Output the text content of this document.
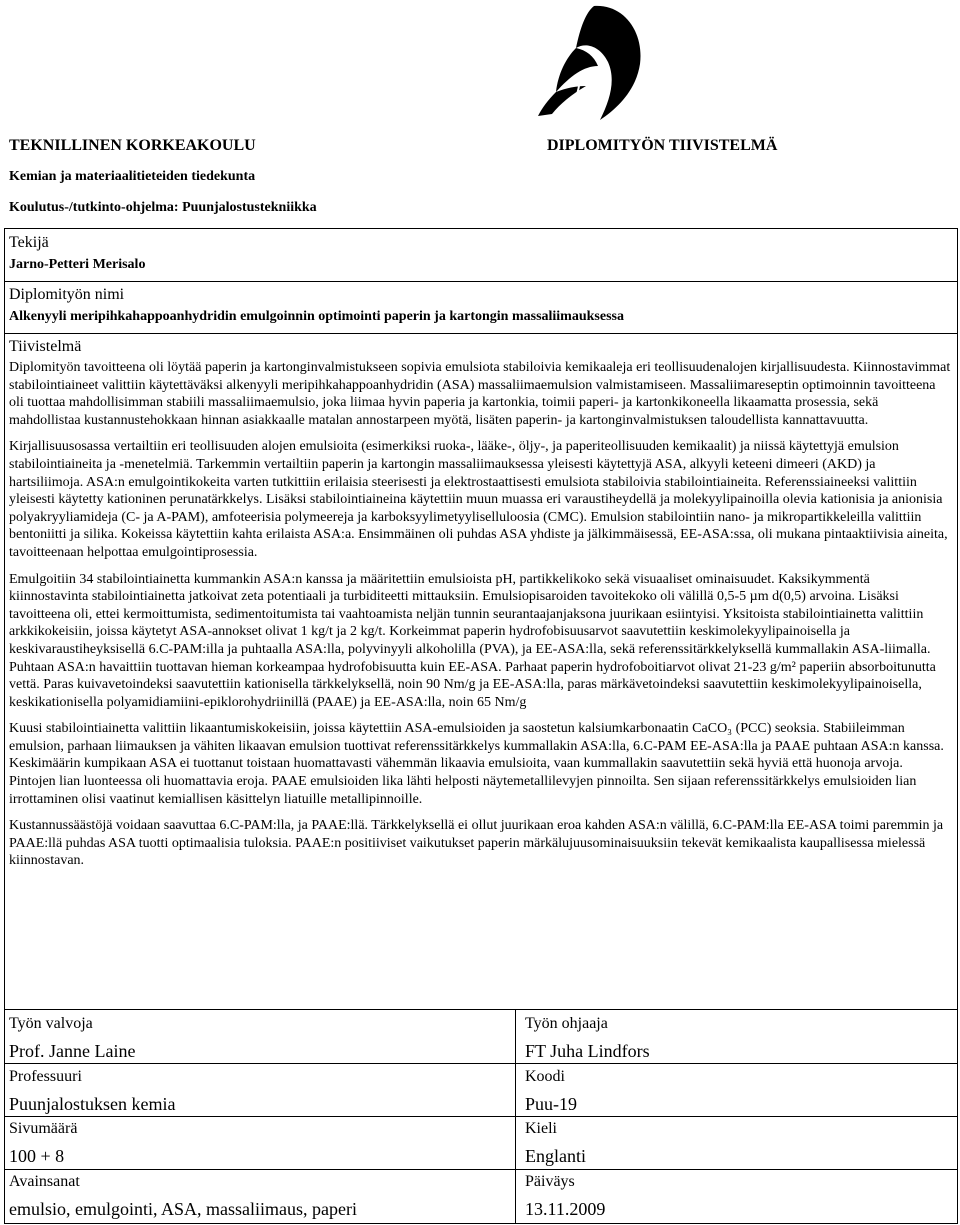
TEKNILLINEN KORKEAKOULU	DIPLOMITYÖN TIIVISTELMÄ
Kemian ja materiaalitieteiden tiedekunta
Koulutus-/tutkinto-ohjelma: Puunjalostustekniikka
Tekijä
Jarno-Petteri Merisalo
Diplomityön nimi
Alkenyyli meripihkahappoanhydridin emulgoinnin optimointi paperin ja kartongin massaliimauksessa
Tiivistelmä

Diplomityön tavoitteena oli löytää paperin ja kartonginvalmistukseen sopivia emulsiota stabiloivia kemikaaleja eri teollisuudenalojen kirjallisuudesta. Kiinnostavimmat stabilointiaineet valittiin käytettäväksi alkenyyli meripihkahappoanhydridin (ASA) massaliimaemulsion valmistamiseen. Massaliimareseptin optimoinnin tavoitteena oli tuottaa mahdollisimman stabiili massaliimaemulsio, joka liimaa hyvin paperia ja kartonkia, toimii paperi- ja kartonkikoneella likaamatta prosessia, sekä mahdollistaa kustannustehokkaan hinnan asiakkaalle matalan annostarpeen myötä, lisäten paperin- ja kartonginvalmistuksen taloudellista kannattavuutta.

Kirjallisuusosassa vertailtiin eri teollisuuden alojen emulsioita (esimerkiksi ruoka-, lääke-, öljy-, ja paperiteollisuuden kemikaalit) ja niissä käytettyjä emulsion stabilointiaineita ja -menetelmiä. Tarkemmin vertailtiin paperin ja kartongin massaliimauksessa yleisesti käytettyjä ASA, alkyyli keteeni dimeeri (AKD) ja hartsiliimoja. ASA:n emulgointikokeita varten tutkittiin erilaisia steerisesti ja elektrostaattisesti emulsiota stabiloivia stabilointiaineita. Referenssiaineeksi valittiin yleisesti käytetty kationinen perunatärkkelys. Lisäksi stabilointiaineina käytettiin muun muassa eri varaustiheydellä ja molekyylipainoilla olevia kationisia ja anionisia polyakryyliamideja (C- ja A-PAM), amfoteerisia polymeereja ja karboksyylimetyyliselluloosia (CMC). Emulsion stabilointiin nano- ja mikropartikkeleilla valittiin bentoniitti ja silika. Kokeissa käytettiin kahta erilaista ASA:a. Ensimmäinen oli puhdas ASA yhdiste ja jälkimmäisessä, EE-ASA:ssa, oli mukana pintaaktiivisia aineita, tavoitteenaan helpottaa emulgointiprosessia.

Emulgoitiin 34 stabilointiainetta kummankin ASA:n kanssa ja määritettiin emulsioista pH, partikkelikoko sekä visuaaliset ominaisuudet. Kaksikymmentä kiinnostavinta stabilointiainetta jatkoivat zeta potentiaali ja turbiditeetti mittauksiin. Emulsiopisaroiden tavoitekoko oli välillä 0,5-5 µm d(0,5) arvoina. Lisäksi tavoitteena oli, ettei kermoittumista, sedimentoitumista tai vaahtoamista neljän tunnin seurantaajanjaksona juurikaan esiintyisi. Yksitoista stabilointiainetta valittiin arkkikokeisiin, joissa käytetyt ASA-annokset olivat 1 kg/t ja 2 kg/t. Korkeimmat paperin hydrofobisuusarvot saavutettiin keskimolekyylipainoisella ja keskivaraustiheyksisellä 6.C-PAM:illa ja puhtaalla ASA:lla, polyvinyyli alkoholilla (PVA), ja EE-ASA:lla, sekä referenssitärkkelyksellä kummallakin ASA-liimalla. Puhtaan ASA:n havaittiin tuottavan hieman korkeampaa hydrofobisuutta kuin EE-ASA. Parhaat paperin hydrofoboitiarvot olivat 21-23 g/m² paperiin absorboitunutta vettä. Paras kuivavetoindeksi saavutettiin kationisella tärkkelyksellä, noin 90 Nm/g ja EE-ASA:lla, paras märkävetoindeksi saavutettiin keskimolekyylipainoisella, keskikationisella polyamidiamiini-epiklorohydriinillä (PAAE) ja EE-ASA:lla, noin 65 Nm/g

Kuusi stabilointiainetta valittiin likaantumiskokeisiin, joissa käytettiin ASA-emulsioiden ja saostetun kalsiumkarbonaatin CaCO₃ (PCC) seoksia. Stabiileimman emulsion, parhaan liimauksen ja vähiten likaavan emulsion tuottivat referenssitärkkelys kummallakin ASA:lla, 6.C-PAM EE-ASA:lla ja PAAE puhtaan ASA:n kanssa. Keskimäärin kumpikaan ASA ei tuottanut toistaan huomattavasti vähemmän likaavia emulsioita, vaan kummallakin saavutettiin sekä hyviä että huonoja arvoja. Pintojen lian luonteessa oli huomattavia eroja. PAAE emulsioiden lika lähti helposti näytemetallilevyjen pinnoilta. Sen sijaan referenssitärkkelys emulsioiden lian irrottaminen olisi vaatinut kemiallisen käsittelyn liatuille metallipinnoille.

Kustannussäästöjä voidaan saavuttaa 6.C-PAM:lla, ja PAAE:llä. Tärkkelyksellä ei ollut juurikaan eroa kahden ASA:n välillä, 6.C-PAM:lla EE-ASA toimi paremmin ja PAAE:llä puhdas ASA tuotti optimaalisia tuloksia. PAAE:n positiiviset vaikutukset paperin märkälujuusominaisuuksiin tekevät kemikaalista kaupallisessa mielessä kiinnostavan.

Työn valvoja
Prof. Janne Laine
Työn ohjaaja
FT Juha Lindfors
Professuuri
Puunjalostuksen kemia
Koodi
Puu-19
Sivumäärä
100 + 8
Kieli
Englanti
Avainsanat
emulsio, emulgointi, ASA, massaliimaus, paperi
Päiväys
13.11.2009
